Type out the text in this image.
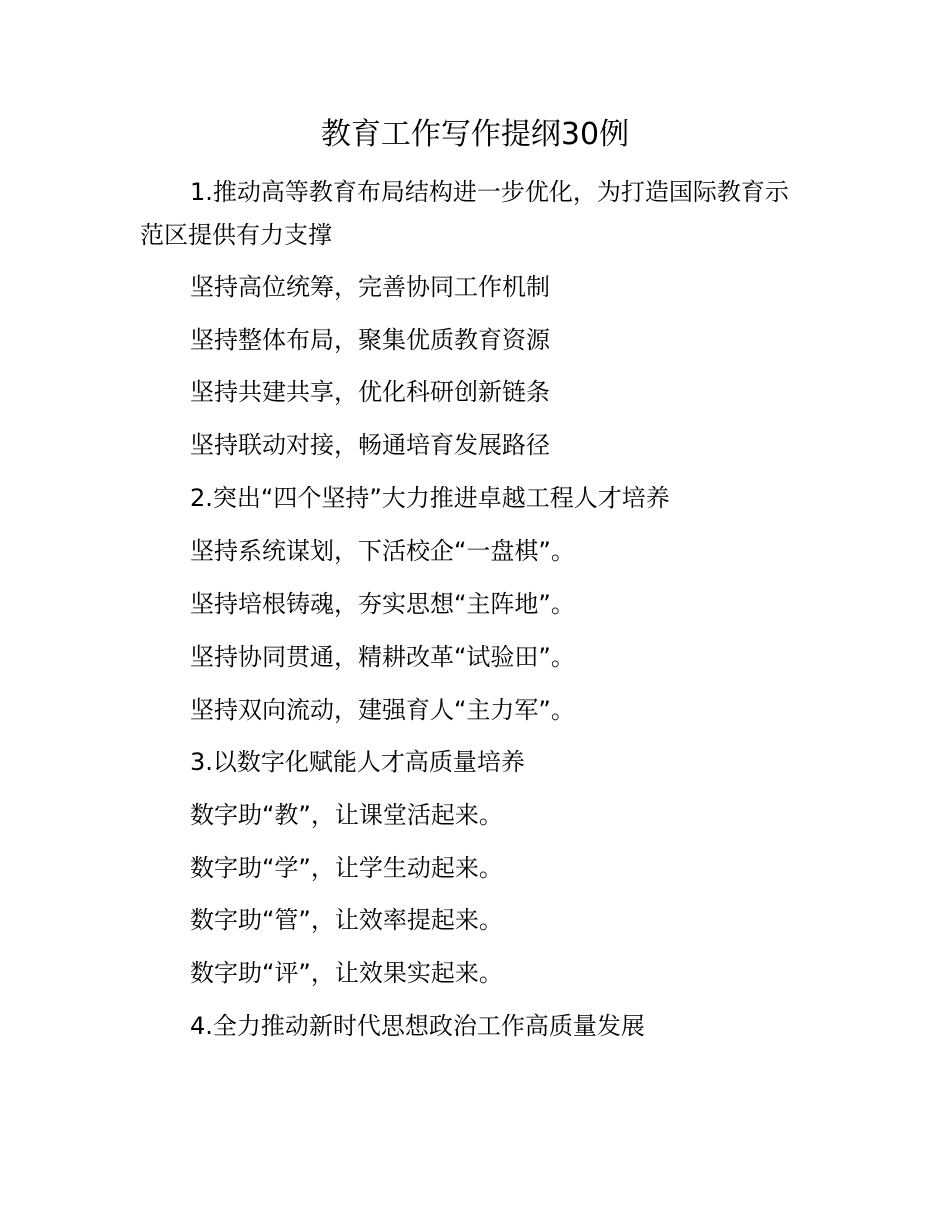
教育工作写作提纲30例
1.推动高等教育布局结构进一步优化，为打造国际教育示
范区提供有力支撑
坚持高位统筹，完善协同工作机制
坚持整体布局，聚集优质教育资源
坚持共建共享，优化科研创新链条
坚持联动对接，畅通培育发展路径
2.突出“四个坚持”大力推进卓越工程人才培养
坚持系统谋划，下活校企“一盘棋”。
坚持培根铸魂，夯实思想“主阵地”。
坚持协同贯通，精耕改革“试验田”。
坚持双向流动，建强育人“主力军”。
3.以数字化赋能人才高质量培养
数字助“教”，让课堂活起来。
数字助“学”，让学生动起来。
数字助“管”，让效率提起来。
数字助“评”，让效果实起来。
4.全力推动新时代思想政治工作高质量发展
